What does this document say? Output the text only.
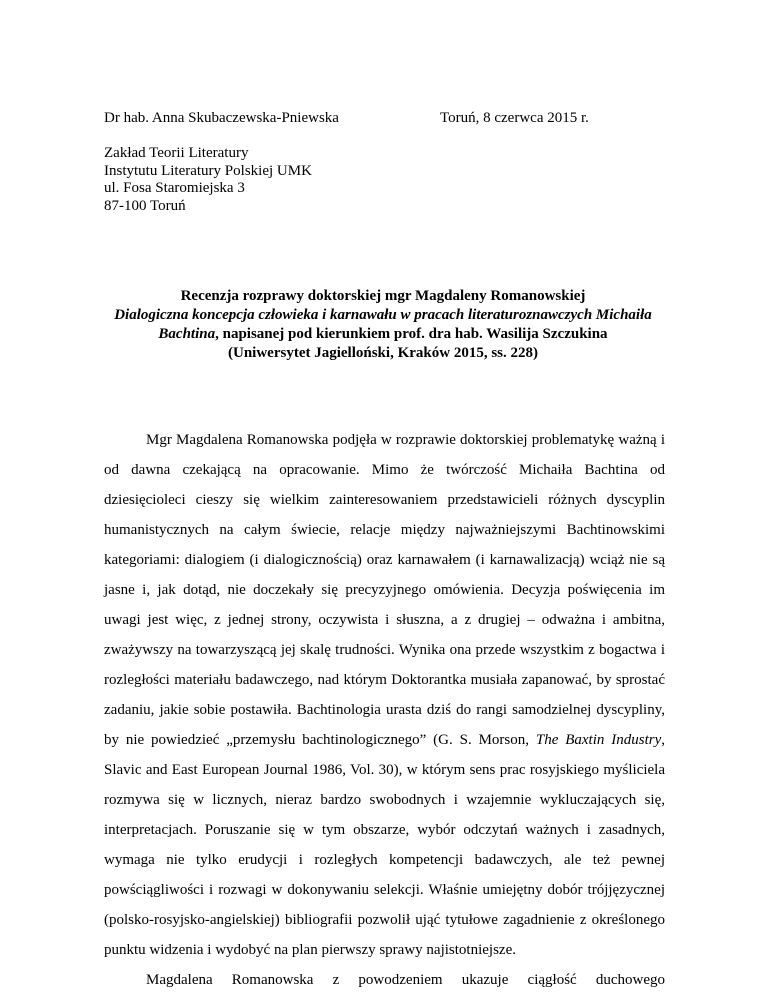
Dr hab. Anna Skubaczewska-Pniewska	Toruń, 8 czerwca 2015 r.
Zakład Teorii Literatury
Instytutu Literatury Polskiej UMK
ul. Fosa Staromiejska 3
87-100 Toruń
Recenzja rozprawy doktorskiej mgr Magdaleny Romanowskiej
Dialogiczna koncepcja człowieka i karnawału w pracach literaturoznawczych Michaiła Bachtina, napisanej pod kierunkiem prof. dra hab. Wasilija Szczukina
(Uniwersytet Jagielloński, Kraków 2015, ss. 228)

Mgr Magdalena Romanowska podjęła w rozprawie doktorskiej problematykę ważną i od dawna czekającą na opracowanie. Mimo że twórczość Michaiła Bachtina od dziesięcioleci cieszy się wielkim zainteresowaniem przedstawicieli różnych dyscyplin humanistycznych na całym świecie, relacje między najważniejszymi Bachtinowskimi kategoriami: dialogiem (i dialogicznością) oraz karnawałem (i karnawalizacją) wciąż nie są jasne i, jak dotąd, nie doczekały się precyzyjnego omówienia. Decyzja poświęcenia im uwagi jest więc, z jednej strony, oczywista i słuszna, a z drugiej – odważna i ambitna, zważywszy na towarzyszącą jej skalę trudności. Wynika ona przede wszystkim z bogactwa i rozległości materiału badawczego, nad którym Doktorantka musiała zapanować, by sprostać zadaniu, jakie sobie postawiła. Bachtinologia urasta dziś do rangi samodzielnej dyscypliny, by nie powiedzieć „przemysłu bachtinologicznego” (G. S. Morson, The Baxtin Industry, Slavic and East European Journal 1986, Vol. 30), w którym sens prac rosyjskiego myśliciela rozmywa się w licznych, nieraz bardzo swobodnych i wzajemnie wykluczających się, interpretacjach. Poruszanie się w tym obszarze, wybór odczytań ważnych i zasadnych, wymaga nie tylko erudycji i rozległych kompetencji badawczych, ale też pewnej powściągliwości i rozwagi w dokonywaniu selekcji. Właśnie umiejętny dobór trójjęzycznej (polsko-rosyjsko-angielskiej) bibliografii pozwolił ująć tytułowe zagadnienie z określonego punktu widzenia i wydobyć na plan pierwszy sprawy najistotniejsze.

Magdalena Romanowska z powodzeniem ukazuje ciągłość duchowego
